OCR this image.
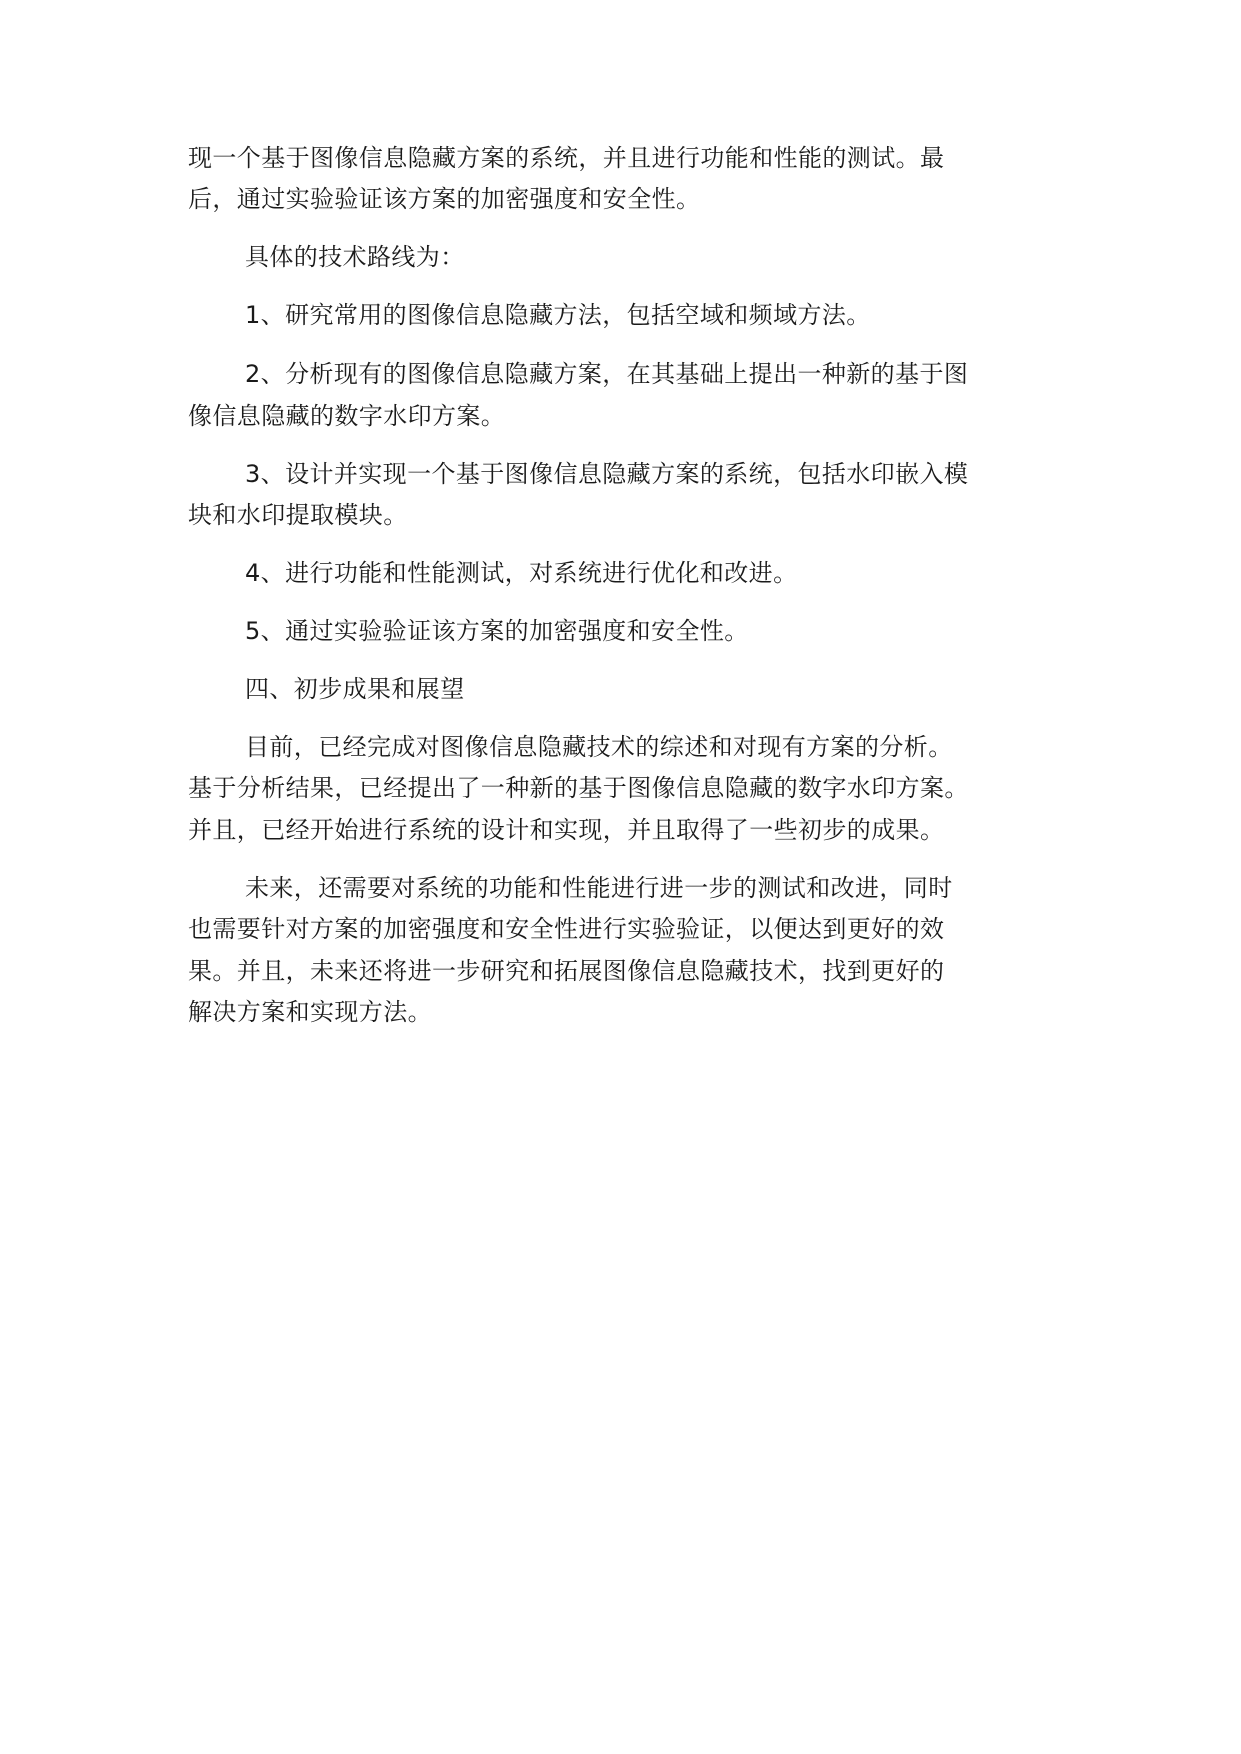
现一个基于图像信息隐藏方案的系统，并且进行功能和性能的测试。最
后，通过实验验证该方案的加密强度和安全性。
具体的技术路线为：
1、研究常用的图像信息隐藏方法，包括空域和频域方法。
2、分析现有的图像信息隐藏方案，在其基础上提出一种新的基于图
像信息隐藏的数字水印方案。
3、设计并实现一个基于图像信息隐藏方案的系统，包括水印嵌入模
块和水印提取模块。
4、进行功能和性能测试，对系统进行优化和改进。
5、通过实验验证该方案的加密强度和安全性。
四、初步成果和展望
目前，已经完成对图像信息隐藏技术的综述和对现有方案的分析。
基于分析结果，已经提出了一种新的基于图像信息隐藏的数字水印方案。
并且，已经开始进行系统的设计和实现，并且取得了一些初步的成果。
未来，还需要对系统的功能和性能进行进一步的测试和改进，同时
也需要针对方案的加密强度和安全性进行实验验证，以便达到更好的效
果。并且，未来还将进一步研究和拓展图像信息隐藏技术，找到更好的
解决方案和实现方法。
